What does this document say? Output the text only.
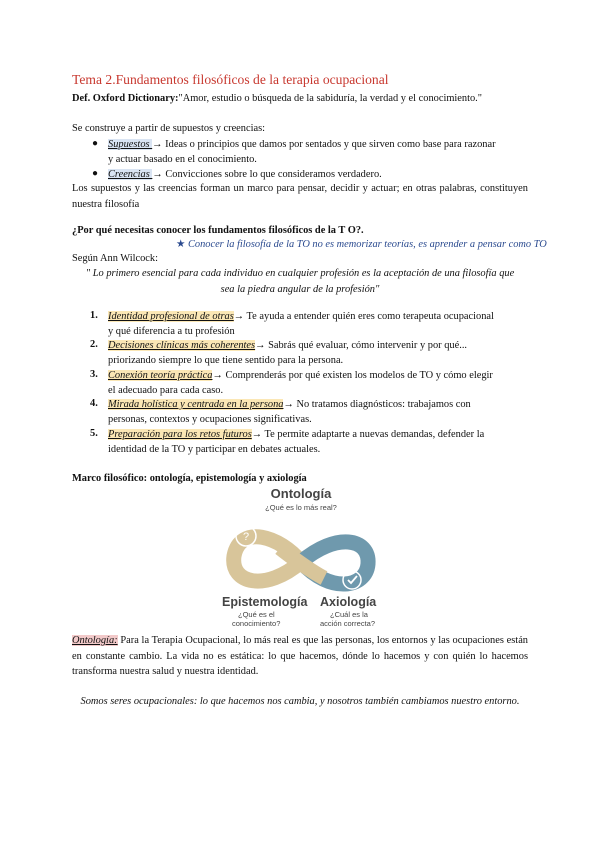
Tema 2.Fundamentos filosóficos de la terapia ocupacional
Def. Oxford Dictionary:"Amor, estudio o búsqueda de la sabiduría, la verdad y el conocimiento."
Se construye a partir de supuestos y creencias:
● Supuestos → Ideas o principios que damos por sentados y que sirven como base para razonar
y actuar basado en el conocimiento.
● Creencias → Convicciones sobre lo que consideramos verdadero.
Los supuestos y las creencias forman un marco para pensar, decidir y actuar; en otras palabras, constituyen nuestra filosofía
¿Por qué necesitas conocer los fundamentos filosóficos de la T O?.
★ Conocer la filosofía de la TO no es memorizar teorías, es aprender a pensar como TO
Según Ann Wilcock:
" Lo primero esencial para cada individuo en cualquier profesión es la aceptación de una filosofía que sea la piedra angular de la profesión"
1. Identidad profesional de otras→ Te ayuda a entender quién eres como terapeuta ocupacional
y qué diferencia a tu profesión
2. Decisiones clínicas más coherentes→ Sabrás qué evaluar, cómo intervenir y por qué...
priorizando siempre lo que tiene sentido para la persona.
3. Conexión teoría práctica→ Comprenderás por qué existen los modelos de TO y cómo elegir
el adecuado para cada caso.
4. Mirada holística y centrada en la persona→ No tratamos diagnósticos: trabajamos con
personas, contextos y ocupaciones significativas.
5. Preparación para los retos futuros→ Te permite adaptarte a nuevas demandas, defender la
identidad de la TO y participar en debates actuales.
Marco filosófico: ontología, epistemología y axiología
Ontología
¿Qué es lo más real?
?
Epistemología
¿Qué es el
conocimiento?
Axiología
¿Cuál es la
acción correcta?
Ontología: Para la Terapia Ocupacional, lo más real es que las personas, los entornos y las ocupaciones están en constante cambio. La vida no es estática: lo que hacemos, dónde lo hacemos y con quién lo hacemos transforma nuestra salud y nuestra identidad.
Somos seres ocupacionales: lo que hacemos nos cambia, y nosotros también cambiamos nuestro entorno.
